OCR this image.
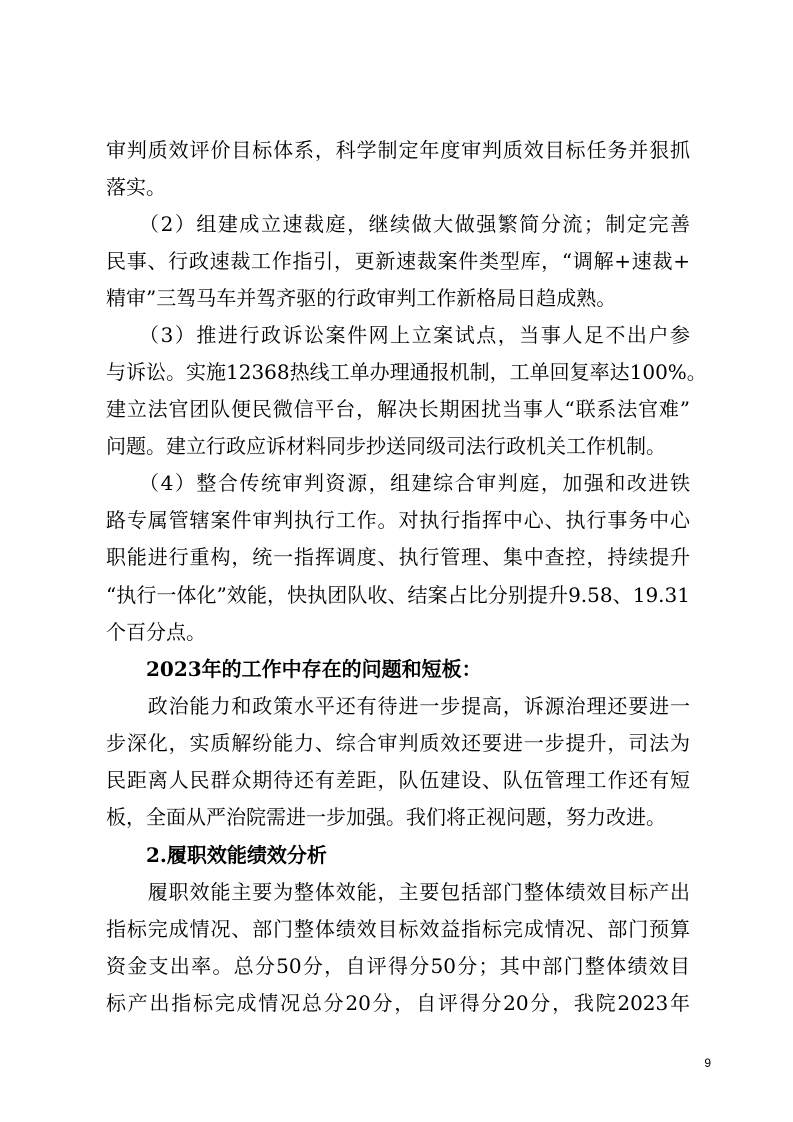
审判质效评价目标体系，科学制定年度审判质效目标任务并狠抓

落实。

　　（2）组建成立速裁庭，继续做大做强繁简分流；制定完善

民事、行政速裁工作指引，更新速裁案件类型库，“调解+速裁+

精审”三驾马车并驾齐驱的行政审判工作新格局日趋成熟。

　　（3）推进行政诉讼案件网上立案试点，当事人足不出户参

与诉讼。实施12368热线工单办理通报机制，工单回复率达100%。

建立法官团队便民微信平台，解决长期困扰当事人“联系法官难”

问题。建立行政应诉材料同步抄送同级司法行政机关工作机制。

　　（4）整合传统审判资源，组建综合审判庭，加强和改进铁

路专属管辖案件审判执行工作。对执行指挥中心、执行事务中心

职能进行重构，统一指挥调度、执行管理、集中查控，持续提升

“执行一体化”效能，快执团队收、结案占比分别提升9.58、19.31

个百分点。

　　2023年的工作中存在的问题和短板：

　　政治能力和政策水平还有待进一步提高，诉源治理还要进一

步深化，实质解纷能力、综合审判质效还要进一步提升，司法为

民距离人民群众期待还有差距，队伍建设、队伍管理工作还有短

板，全面从严治院需进一步加强。我们将正视问题，努力改进。

　　2.履职效能绩效分析

　　履职效能主要为整体效能，主要包括部门整体绩效目标产出

指标完成情况、部门整体绩效目标效益指标完成情况、部门预算

资金支出率。总分50分，自评得分50分；其中部门整体绩效目

标产出指标完成情况总分20分，自评得分20分，我院2023年

9
